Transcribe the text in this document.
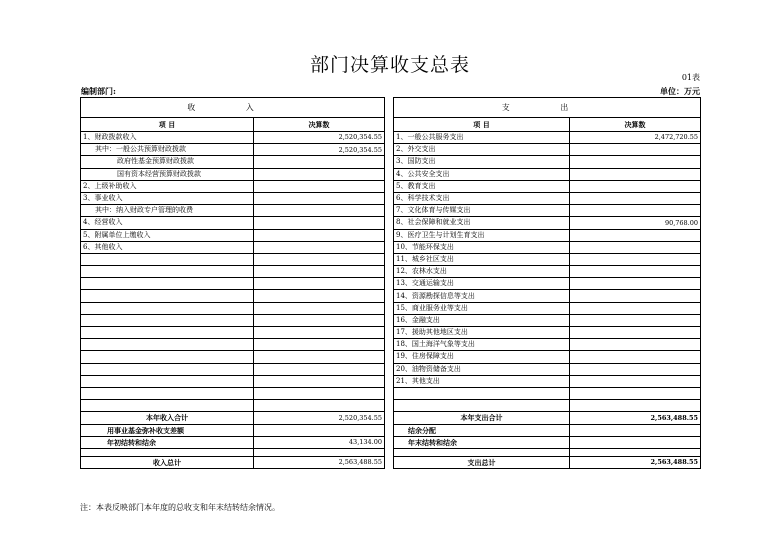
部门决算收支总表
01表
编制部门:	单位：万元
收 入			支 出	
项 目	决算数		项 目	决算数
1、财政拨款收入	2,520,354.55		1、一般公共服务支出	2,472,720.55
其中：一般公共预算财政拨款	2,520,354.55		2、外交支出	
政府性基金预算财政拨款			3、国防支出	
国有资本经营预算财政拨款			4、公共安全支出	
2、上级补助收入			5、教育支出	
3、事业收入			6、科学技术支出	
其中：纳入财政专户管理的收费			7、文化体育与传媒支出	
4、经营收入			8、社会保障和就业支出	90,768.00
5、附属单位上缴收入			9、医疗卫生与计划生育支出	
6、其他收入			10、节能环保支出	
			11、城乡社区支出	
			12、农林水支出	
			13、交通运输支出	
			14、资源勘探信息等支出	
			15、商业服务业等支出	
			16、金融支出	
			17、援助其他地区支出	
			18、国土海洋气象等支出	
			19、住房保障支出	
			20、油物资储备支出	
			21、其他支出	

本年收入合计	2,520,354.55		本年支出合计	2,563,488.55
用事业基金弥补收支差额			结余分配	
年初结转和结余	43,134.00		年末结转和结余	

收入总计	2,563,488.55		支出总计	2,563,488.55
注：本表反映部门本年度的总收支和年末结转结余情况。
